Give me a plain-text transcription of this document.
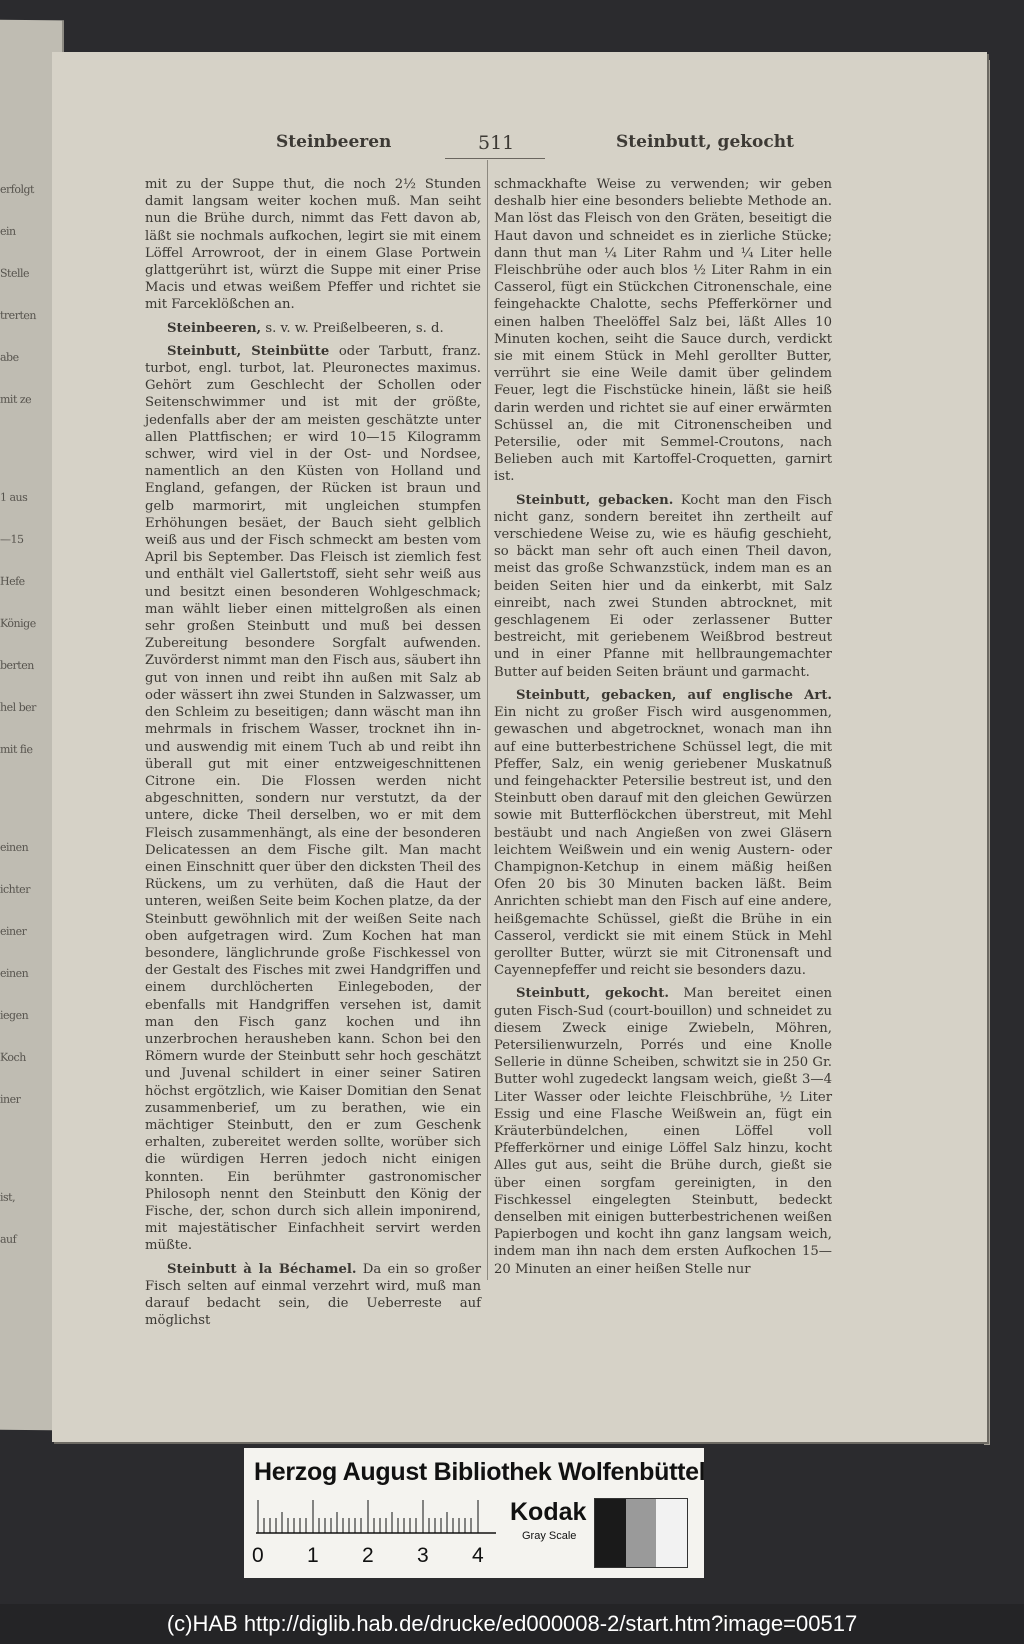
erfolgt

ein

Stelle

trerten

abe

mit ze

1 aus

—15

Hefe

Könige

berten

hel ber

mit fie

einen

ichter

einer

einen

iegen

Koch

iner

ist,

auf

Steinbeeren	511	Steinbutt, gekocht

mit zu der Suppe thut, die noch 2½ Stunden damit langsam weiter kochen muß. Man seiht nun die Brühe durch, nimmt das Fett davon ab, läßt sie nochmals aufkochen, legirt sie mit einem Löffel Arrowroot, der in einem Glase Portwein glattgerührt ist, würzt die Suppe mit einer Prise Macis und etwas weißem Pfeffer und richtet sie mit Farceklößchen an.

Steinbeeren, s. v. w. Preißelbeeren, s. d.

Steinbutt, Steinbütte oder Tarbutt, franz. turbot, engl. turbot, lat. Pleuronectes maximus. Gehört zum Geschlecht der Schollen oder Seitenschwimmer und ist mit der größte, jedenfalls aber der am meisten geschätzte unter allen Plattfischen; er wird 10—15 Kilogramm schwer, wird viel in der Ost- und Nordsee, namentlich an den Küsten von Holland und England, gefangen, der Rücken ist braun und gelb marmorirt, mit ungleichen stumpfen Erhöhungen besäet, der Bauch sieht gelblich weiß aus und der Fisch schmeckt am besten vom April bis September. Das Fleisch ist ziemlich fest und enthält viel Gallertstoff, sieht sehr weiß aus und besitzt einen besonderen Wohlgeschmack; man wählt lieber einen mittelgroßen als einen sehr großen Steinbutt und muß bei dessen Zubereitung besondere Sorgfalt aufwenden. Zuvörderst nimmt man den Fisch aus, säubert ihn gut von innen und reibt ihn außen mit Salz ab oder wässert ihn zwei Stunden in Salzwasser, um den Schleim zu beseitigen; dann wäscht man ihn mehrmals in frischem Wasser, trocknet ihn in- und auswendig mit einem Tuch ab und reibt ihn überall gut mit einer entzweigeschnittenen Citrone ein. Die Flossen werden nicht abgeschnitten, sondern nur verstutzt, da der untere, dicke Theil derselben, wo er mit dem Fleisch zusammenhängt, als eine der besonderen Delicatessen an dem Fische gilt. Man macht einen Einschnitt quer über den dicksten Theil des Rückens, um zu verhüten, daß die Haut der unteren, weißen Seite beim Kochen platze, da der Steinbutt gewöhnlich mit der weißen Seite nach oben aufgetragen wird. Zum Kochen hat man besondere, länglichrunde große Fischkessel von der Gestalt des Fisches mit zwei Handgriffen und einem durchlöcherten Einlegeboden, der ebenfalls mit Handgriffen versehen ist, damit man den Fisch ganz kochen und ihn unzerbrochen herausheben kann. Schon bei den Römern wurde der Steinbutt sehr hoch geschätzt und Juvenal schildert in einer seiner Satiren höchst ergötzlich, wie Kaiser Domitian den Senat zusammenberief, um zu berathen, wie ein mächtiger Steinbutt, den er zum Geschenk erhalten, zubereitet werden sollte, worüber sich die würdigen Herren jedoch nicht einigen konnten. Ein berühmter gastronomischer Philosoph nennt den Steinbutt den König der Fische, der, schon durch sich allein imponirend, mit majestätischer Einfachheit servirt werden müßte.

Steinbutt à la Béchamel. Da ein so großer Fisch selten auf einmal verzehrt wird, muß man darauf bedacht sein, die Ueberreste auf möglichst

schmackhafte Weise zu verwenden; wir geben deshalb hier eine besonders beliebte Methode an. Man löst das Fleisch von den Gräten, beseitigt die Haut davon und schneidet es in zierliche Stücke; dann thut man ¼ Liter Rahm und ¼ Liter helle Fleischbrühe oder auch blos ½ Liter Rahm in ein Casserol, fügt ein Stückchen Citronenschale, eine feingehackte Chalotte, sechs Pfefferkörner und einen halben Theelöffel Salz bei, läßt Alles 10 Minuten kochen, seiht die Sauce durch, verdickt sie mit einem Stück in Mehl gerollter Butter, verrührt sie eine Weile damit über gelindem Feuer, legt die Fischstücke hinein, läßt sie heiß darin werden und richtet sie auf einer erwärmten Schüssel an, die mit Citronenscheiben und Petersilie, oder mit Semmel-Croutons, nach Belieben auch mit Kartoffel-Croquetten, garnirt ist.

Steinbutt, gebacken. Kocht man den Fisch nicht ganz, sondern bereitet ihn zertheilt auf verschiedene Weise zu, wie es häufig geschieht, so bäckt man sehr oft auch einen Theil davon, meist das große Schwanzstück, indem man es an beiden Seiten hier und da einkerbt, mit Salz einreibt, nach zwei Stunden abtrocknet, mit geschlagenem Ei oder zerlassener Butter bestreicht, mit geriebenem Weißbrod bestreut und in einer Pfanne mit hellbraungemachter Butter auf beiden Seiten bräunt und garmacht.

Steinbutt, gebacken, auf englische Art. Ein nicht zu großer Fisch wird ausgenommen, gewaschen und abgetrocknet, wonach man ihn auf eine butterbestrichene Schüssel legt, die mit Pfeffer, Salz, ein wenig geriebener Muskatnuß und feingehackter Petersilie bestreut ist, und den Steinbutt oben darauf mit den gleichen Gewürzen sowie mit Butterflöckchen überstreut, mit Mehl bestäubt und nach Angießen von zwei Gläsern leichtem Weißwein und ein wenig Austern- oder Champignon-Ketchup in einem mäßig heißen Ofen 20 bis 30 Minuten backen läßt. Beim Anrichten schiebt man den Fisch auf eine andere, heißgemachte Schüssel, gießt die Brühe in ein Casserol, verdickt sie mit einem Stück in Mehl gerollter Butter, würzt sie mit Citronensaft und Cayennepfeffer und reicht sie besonders dazu.

Steinbutt, gekocht. Man bereitet einen guten Fisch-Sud (court-bouillon) und schneidet zu diesem Zweck einige Zwiebeln, Möhren, Petersilienwurzeln, Porrés und eine Knolle Sellerie in dünne Scheiben, schwitzt sie in 250 Gr. Butter wohl zugedeckt langsam weich, gießt 3—4 Liter Wasser oder leichte Fleischbrühe, ½ Liter Essig und eine Flasche Weißwein an, fügt ein Kräuterbündelchen, einen Löffel voll Pfefferkörner und einige Löffel Salz hinzu, kocht Alles gut aus, seiht die Brühe durch, gießt sie über einen sorgfam gereinigten, in den Fischkessel eingelegten Steinbutt, bedeckt denselben mit einigen butterbestrichenen weißen Papierbogen und kocht ihn ganz langsam weich, indem man ihn nach dem ersten Aufkochen 15—20 Minuten an einer heißen Stelle nur

Herzog August Bibliothek Wolfenbüttel
0 1 2 3 4
Kodak
Gray Scale
(c)HAB http://diglib.hab.de/drucke/ed000008-2/start.htm?image=00517
